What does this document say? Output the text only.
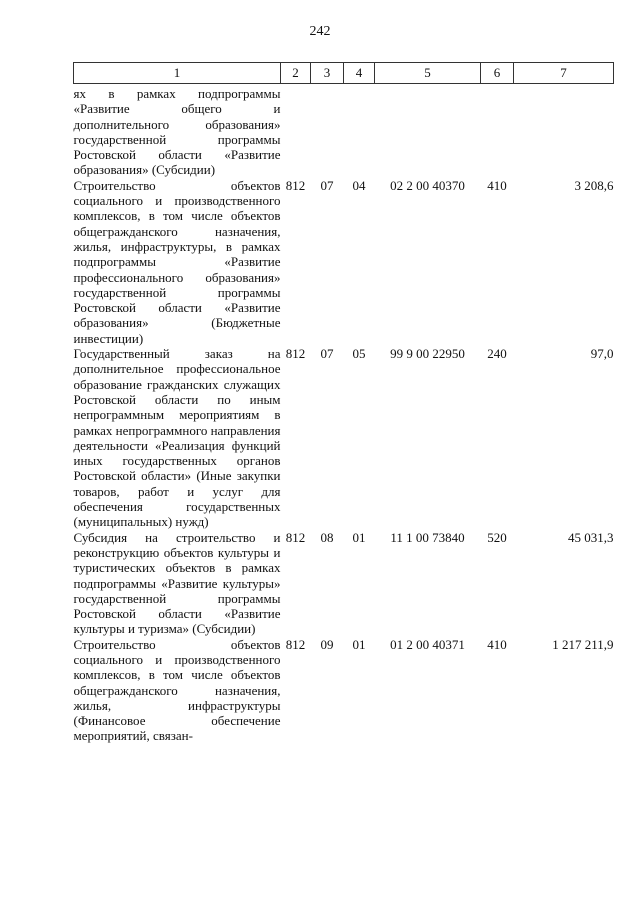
242
1	2	3	4	5	6	7
ях в рамках подпрограммы «Развитие общего и дополнительного образования» государственной программы Ростовской области «Развитие образования» (Субсидии)						
Строительство объектов социального и производственного комплексов, в том числе объектов общегражданского назначения, жилья, инфраструктуры, в рамках подпрограммы «Развитие профессионального образования» государственной программы Ростовской области «Развитие образования» (Бюджетные инвестиции)	812	07	04	02 2 00 40370	410	3 208,6
Государственный заказ на дополнительное профессиональное образование гражданских служащих Ростовской области по иным непрограммным мероприятиям в рамках непрограммного направления деятельности «Реализация функций иных государственных органов Ростовской области» (Иные закупки товаров, работ и услуг для обеспечения государственных (муниципальных) нужд)	812	07	05	99 9 00 22950	240	97,0
Субсидия на строительство и реконструкцию объектов культуры и туристических объектов в рамках подпрограммы «Развитие культуры» государственной программы Ростовской области «Развитие культуры и туризма» (Субсидии)	812	08	01	11 1 00 73840	520	45 031,3
Строительство объектов социального и производственного комплексов, в том числе объектов общегражданского назначения, жилья, инфраструктуры (Финансовое обеспечение мероприятий, связан-	812	09	01	01 2 00 40371	410	1 217 211,9
